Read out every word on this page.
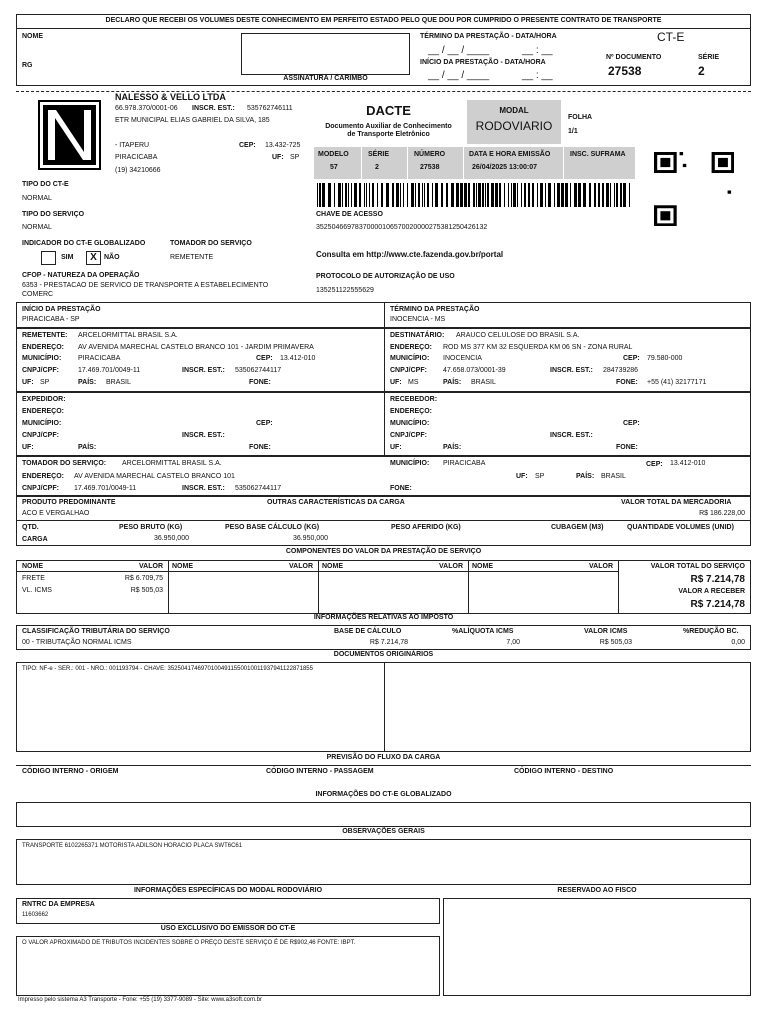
DECLARO QUE RECEBI OS VOLUMES DESTE CONHECIMENTO EM PERFEITO ESTADO PELO QUE DOU POR CUMPRIDO O PRESENTE CONTRATO DE TRANSPORTE
NOME
RG
ASSINATURA / CARIMBO
TÉRMINO DA PRESTAÇÃO - DATA/HORA
__ / __ / ____	__ : __
INÍCIO DA PRESTAÇÃO - DATA/HORA
__ / __ / ____	__ : __
CT-E
Nº DOCUMENTO
27538
SÉRIE
2
NALESSO & VELLO LTDA
66.978.370/0001-06 INSCR. EST.: 535762746111
ETR MUNICIPAL ELIAS GABRIEL DA SILVA, 185
- ITAPERU	CEP: 13.432-725
PIRACICABA	UF: SP
(19) 34210666
DACTE
Documento Auxiliar de Conhecimento
de Transporte Eletrônico
MODAL
RODOVIARIO
FOLHA
1/1
MODELO
57
SÉRIE
2
NÚMERO
27538
DATA E HORA EMISSÃO
26/04/2025 13:00:07
INSC. SUFRAMA
CHAVE DE ACESSO
35250466978370000106570020000275381250426132
Consulta em http://www.cte.fazenda.gov.br/portal
PROTOCOLO DE AUTORIZAÇÃO DE USO
135251122555629
TIPO DO CT-E
NORMAL
TIPO DO SERVIÇO
NORMAL
INDICADOR DO CT-E GLOBALIZADO
SIM	X	NÃO
TOMADOR DO SERVIÇO
REMETENTE
CFOP - NATUREZA DA OPERAÇÃO
6353 - PRESTACAO DE SERVICO DE TRANSPORTE A ESTABELECIMENTO
COMERC
INÍCIO DA PRESTAÇÃO
PIRACICABA - SP
TÉRMINO DA PRESTAÇÃO
INOCENCIA - MS
REMETENTE: ARCELORMITTAL BRASIL S.A.
ENDEREÇO: AV AVENIDA MARECHAL CASTELO BRANCO 101 - JARDIM PRIMAVERA
MUNICÍPIO: PIRACICABA	CEP: 13.412-010
CNPJ/CPF:	17.469.701/0049-11	INSCR. EST.: 535062744117
UF: SP	PAÍS: BRASIL	FONE:
DESTINATÁRIO: ARAUCO CELULOSE DO BRASIL S.A.
ENDEREÇO: ROD MS 377 KM 32 ESQUERDA KM 06 SN - ZONA RURAL
MUNICÍPIO: INOCENCIA	CEP: 79.580-000
CNPJ/CPF: 47.658.073/0001-39	INSCR. EST.: 284739286
UF: MS	PAÍS: BRASIL	FONE: +55 (41) 32177171
EXPEDIDOR:
ENDEREÇO:
MUNICÍPIO:	CEP:
CNPJ/CPF:	INSCR. EST.:
UF:	PAÍS:	FONE:
RECEBEDOR:
ENDEREÇO:
MUNICÍPIO:	CEP:
CNPJ/CPF:	INSCR. EST.:
UF:	PAÍS:	FONE:
TOMADOR DO SERVIÇO: ARCELORMITTAL BRASIL S.A.	MUNICÍPIO: PIRACICABA	CEP: 13.412-010
ENDEREÇO: AV AVENIDA MARECHAL CASTELO BRANCO 101	UF: SP	PAÍS: BRASIL
CNPJ/CPF: 17.469.701/0049-11	INSCR. EST.: 535062744117	FONE:
PRODUTO PREDOMINANTE
ACO E VERGALHAO
OUTRAS CARACTERÍSTICAS DA CARGA	VALOR TOTAL DA MERCADORIA
R$ 186.228,00
QTD.
CARGA
PESO BRUTO (KG)
36.950,000
PESO BASE CÁLCULO (KG)
36.950,000
PESO AFERIDO (KG)	CUBAGEM (M3)	QUANTIDADE VOLUMES (UNID)
COMPONENTES DO VALOR DA PRESTAÇÃO DE SERVIÇO
NOME	VALOR NOME	VALOR NOME	VALOR NOME	VALOR
FRETE	R$ 6.709,75
VL. ICMS	R$ 505,03
VALOR TOTAL DO SERVIÇO
R$ 7.214,78
VALOR A RECEBER
R$ 7.214,78
INFORMAÇÕES RELATIVAS AO IMPOSTO
CLASSIFICAÇÃO TRIBUTÁRIA DO SERVIÇO
00 - TRIBUTAÇÃO NORMAL ICMS
BASE DE CÁLCULO
R$ 7.214,78
%ALÍQUOTA ICMS
7,00
VALOR ICMS
R$ 505,03
%REDUÇÃO BC.
0,00
DOCUMENTOS ORIGINÁRIOS
TIPO: NF-e - SER.: 001 - NRO.: 001193794 - CHAVE: 35250417469701004911550010011937941122871855
PREVISÃO DO FLUXO DA CARGA
CÓDIGO INTERNO - ORIGEM	CÓDIGO INTERNO - PASSAGEM	CÓDIGO INTERNO - DESTINO
INFORMAÇÕES DO CT-E GLOBALIZADO
OBSERVAÇÕES GERAIS
TRANSPORTE 6102265371 MOTORISTA ADILSON HORACIO PLACA SWT6C61
INFORMAÇÕES ESPECÍFICAS DO MODAL RODOVIÁRIO	RESERVADO AO FISCO
RNTRC DA EMPRESA
11603662
USO EXCLUSIVO DO EMISSOR DO CT-E
O VALOR APROXIMADO DE TRIBUTOS INCIDENTES SOBRE O PREÇO DESTE SERVIÇO É DE R$902,46 FONTE: IBPT.
Impresso pelo sistema A3 Transporte - Fone: +55 (19) 3377-9089 - Site: www.a3soft.com.br
